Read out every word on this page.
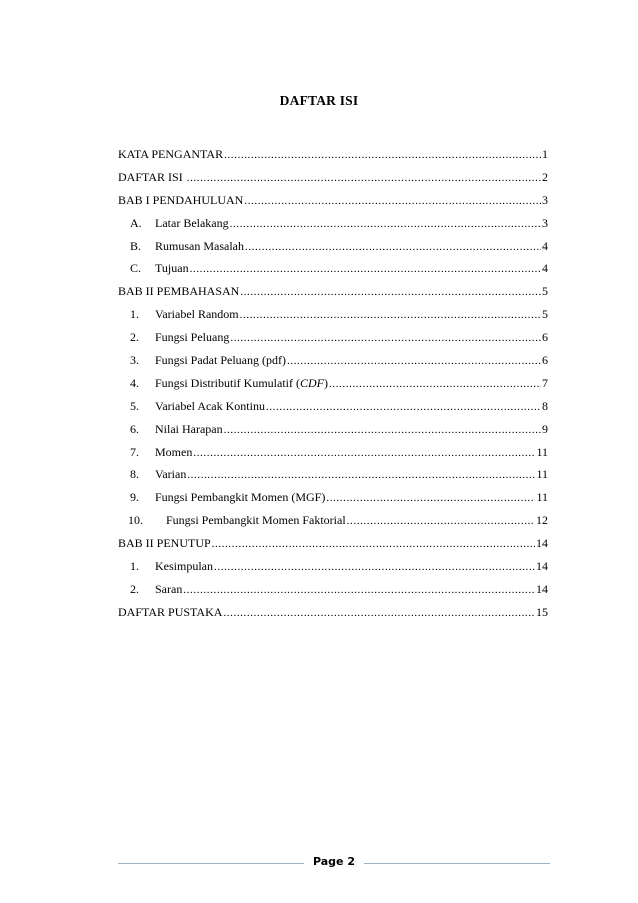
DAFTAR ISI
KATA PENGANTAR .....	1
DAFTAR ISI .....	2
BAB I PENDAHULUAN .....	3
A.	Latar Belakang .....	3
B.	Rumusan Masalah .....	4
C.	Tujuan .....	4
BAB II PEMBAHASAN .....	5
1.	Variabel Random .....	5
2.	Fungsi Peluang .....	6
3.	Fungsi Padat Peluang (pdf) .....	6
4.	Fungsi Distributif Kumulatif (CDF) .....	7
5.	Variabel Acak Kontinu .....	8
6.	Nilai Harapan .....	9
7.	Momen .....	11
8.	Varian .....	11
9.	Fungsi Pembangkit Momen (MGF) .....	11
10.	Fungsi Pembangkit Momen Faktorial .....	12
BAB II PENUTUP .....	14
1.	Kesimpulan .....	14
2.	Saran .....	14
DAFTAR PUSTAKA .....	15
Page 2
